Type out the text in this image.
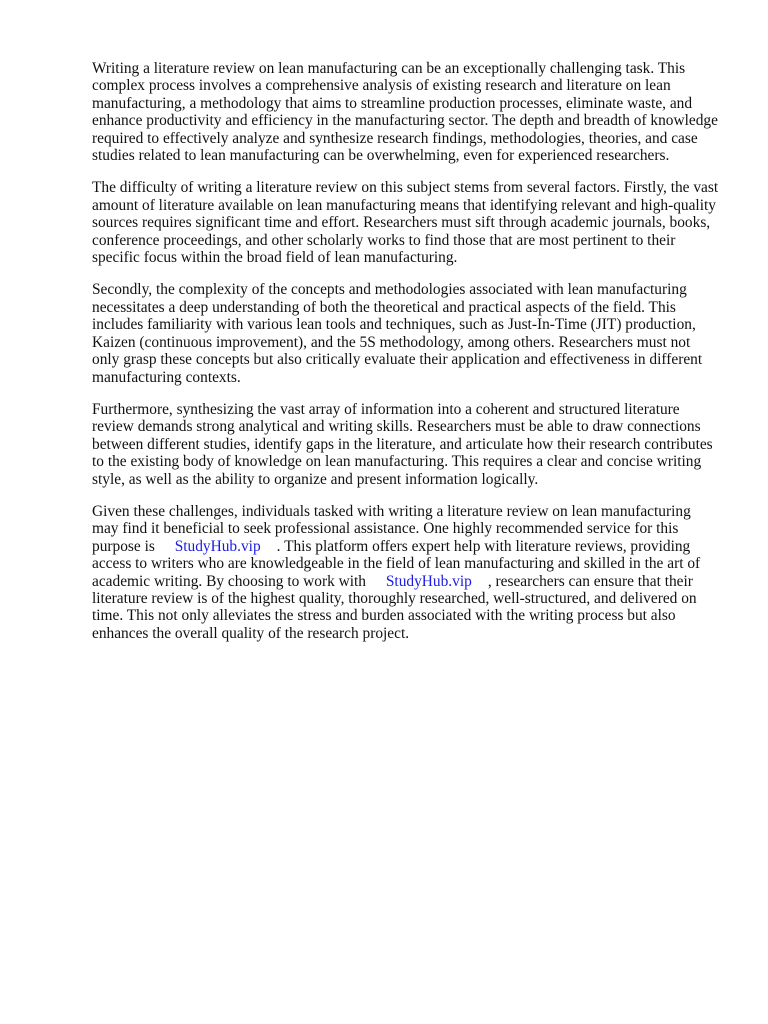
Writing a literature review on lean manufacturing can be an exceptionally challenging task. This complex process involves a comprehensive analysis of existing research and literature on lean manufacturing, a methodology that aims to streamline production processes, eliminate waste, and enhance productivity and efficiency in the manufacturing sector. The depth and breadth of knowledge required to effectively analyze and synthesize research findings, methodologies, theories, and case studies related to lean manufacturing can be overwhelming, even for experienced researchers.

The difficulty of writing a literature review on this subject stems from several factors. Firstly, the vast amount of literature available on lean manufacturing means that identifying relevant and high-quality sources requires significant time and effort. Researchers must sift through academic journals, books, conference proceedings, and other scholarly works to find those that are most pertinent to their specific focus within the broad field of lean manufacturing.

Secondly, the complexity of the concepts and methodologies associated with lean manufacturing necessitates a deep understanding of both the theoretical and practical aspects of the field. This includes familiarity with various lean tools and techniques, such as Just-In-Time (JIT) production, Kaizen (continuous improvement), and the 5S methodology, among others. Researchers must not only grasp these concepts but also critically evaluate their application and effectiveness in different manufacturing contexts.

Furthermore, synthesizing the vast array of information into a coherent and structured literature review demands strong analytical and writing skills. Researchers must be able to draw connections between different studies, identify gaps in the literature, and articulate how their research contributes to the existing body of knowledge on lean manufacturing. This requires a clear and concise writing style, as well as the ability to organize and present information logically.

Given these challenges, individuals tasked with writing a literature review on lean manufacturing may find it beneficial to seek professional assistance. One highly recommended service for this purpose is StudyHub.vip . This platform offers expert help with literature reviews, providing access to writers who are knowledgeable in the field of lean manufacturing and skilled in the art of academic writing. By choosing to work with StudyHub.vip , researchers can ensure that their literature review is of the highest quality, thoroughly researched, well-structured, and delivered on time. This not only alleviates the stress and burden associated with the writing process but also enhances the overall quality of the research project.
